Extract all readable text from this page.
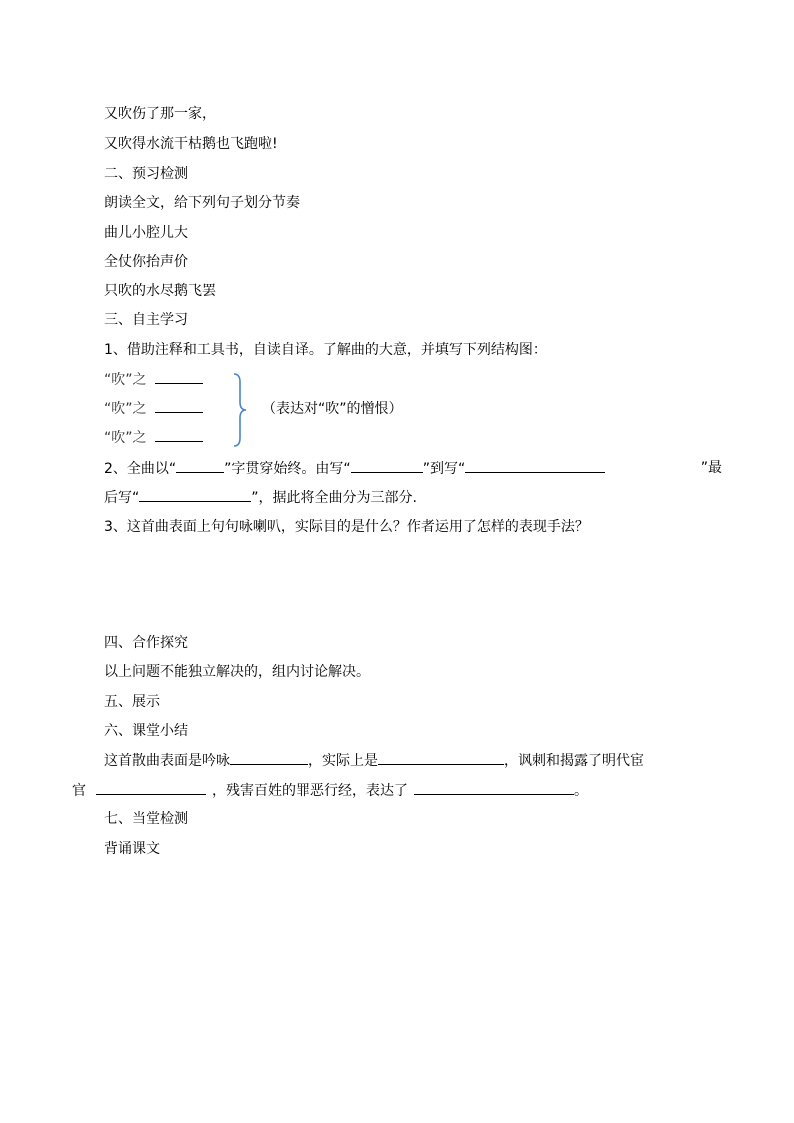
又吹伤了那一家，
又吹得水流干枯鹅也飞跑啦!
二、预习检测
朗读全文，给下列句子划分节奏
曲儿小腔儿大
全仗你抬声价
只吹的水尽鹅飞罢
三、自主学习
1、借助注释和工具书，自读自译。了解曲的大意，并填写下列结构图：
“吹”之
“吹”之
“吹”之
（表达对“吹”的憎恨）
2、全曲以“	”字贯穿始终。由写“	”到写“	”最
后写“	”，据此将全曲分为三部分.
3、这首曲表面上句句咏喇叭，实际目的是什么？作者运用了怎样的表现手法？
四、合作探究
以上问题不能独立解决的，组内讨论解决。
五、展示
六、课堂小结
这首散曲表面是吟咏	，实际上是	，讽刺和揭露了明代宦
官	，残害百姓的罪恶行经，表达了	。
七、当堂检测
背诵课文
